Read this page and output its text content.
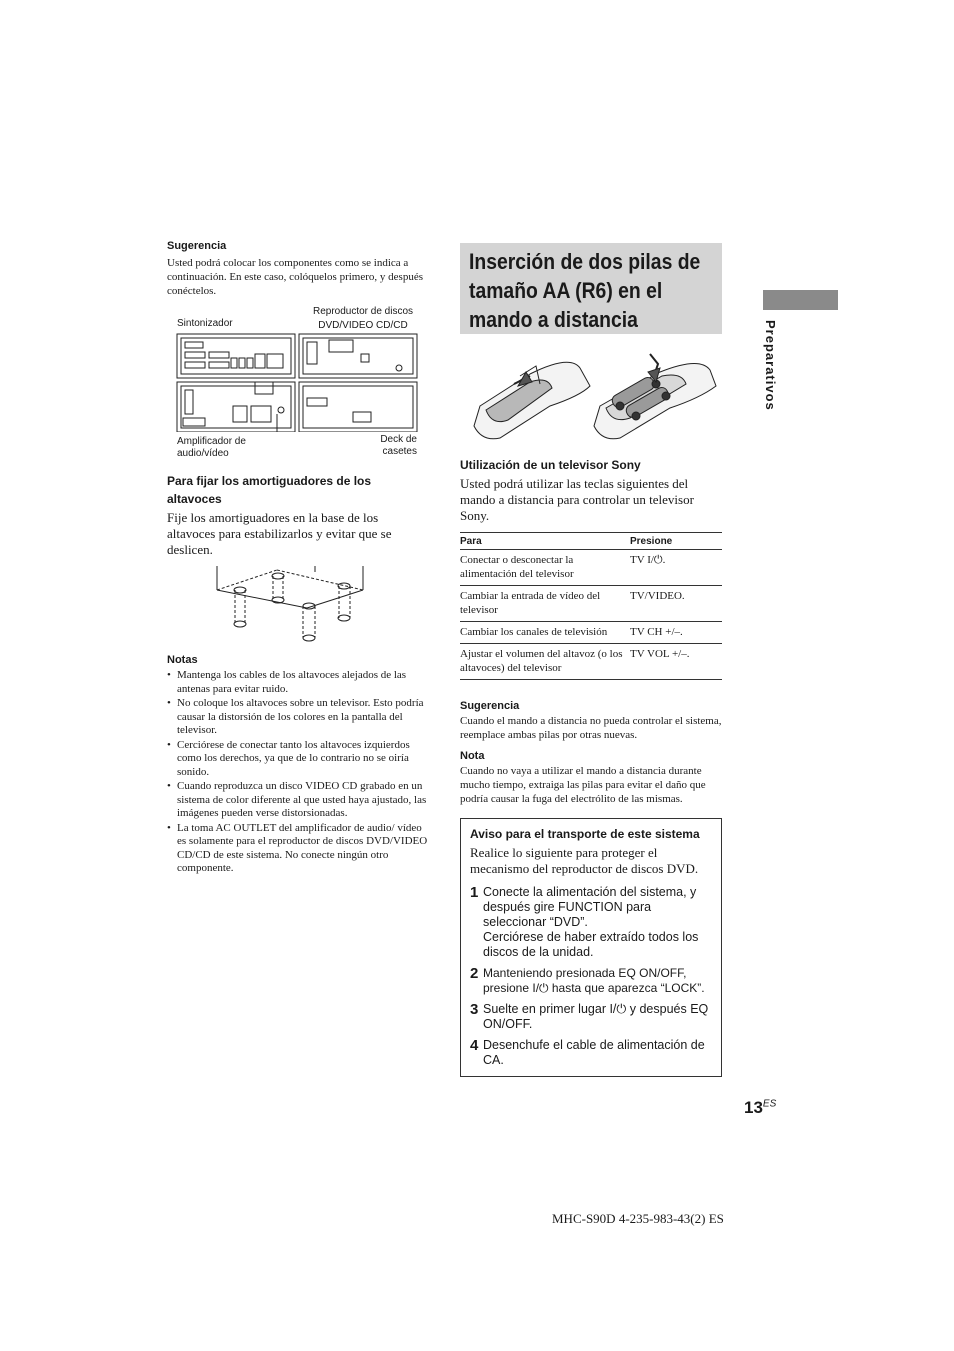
Preparativos

Sugerencia

Usted podrá colocar los componentes como se indica a continuación. En este caso, colóquelos primero, y después conéctelos.

Sintonizador
Reproductor de discos
DVD/VIDEO CD/CD
Amplificador de
audio/vídeo
Deck de
casetes

Para fijar los amortiguadores de los altavoces

Fije los amortiguadores en la base de los altavoces para estabilizarlos y evitar que se deslicen.

Notas

• Mantenga los cables de los altavoces alejados de las antenas para evitar ruido.
• No coloque los altavoces sobre un televisor. Esto podría causar la distorsión de los colores en la pantalla del televisor.
• Cerciórese de conectar tanto los altavoces izquierdos como los derechos, ya que de lo contrario no se oiría sonido.
• Cuando reproduzca un disco VIDEO CD grabado en un sistema de color diferente al que usted haya ajustado, las imágenes pueden verse distorsionadas.
• La toma AC OUTLET del amplificador de audio/ vídeo es solamente para el reproductor de discos DVD/VIDEO CD/CD de este sistema. No conecte ningún otro componente.
Inserción de dos pilas de tamaño AA (R6) en el mando a distancia

Utilización de un televisor Sony

Usted podrá utilizar las teclas siguientes del mando a distancia para controlar un televisor Sony.

Para	Presione
Conectar o desconectar la alimentación del televisor	TV I/⏻.
Cambiar la entrada de vídeo del televisor	TV/VIDEO.
Cambiar los canales de televisión	TV CH +/–.
Ajustar el volumen del altavoz (o los altavoces) del televisor	TV VOL +/–.

Sugerencia

Cuando el mando a distancia no pueda controlar el sistema, reemplace ambas pilas por otras nuevas.

Nota

Cuando no vaya a utilizar el mando a distancia durante mucho tiempo, extraiga las pilas para evitar el daño que podría causar la fuga del electrólito de las mismas.

Aviso para el transporte de este sistema

Realice lo siguiente para proteger el mecanismo del reproductor de discos DVD.

1 Conecte la alimentación del sistema, y después gire FUNCTION para seleccionar “DVD”.
Cerciórese de haber extraído todos los discos de la unidad.
2 Manteniendo presionada EQ ON/OFF, presione I/⏻ hasta que aparezca “LOCK”.
3 Suelte en primer lugar I/⏻ y después EQ ON/OFF.
4 Desenchufe el cable de alimentación de CA.
$13^{ES}$
MHC-S90D 4-235-983-43(2) ES
